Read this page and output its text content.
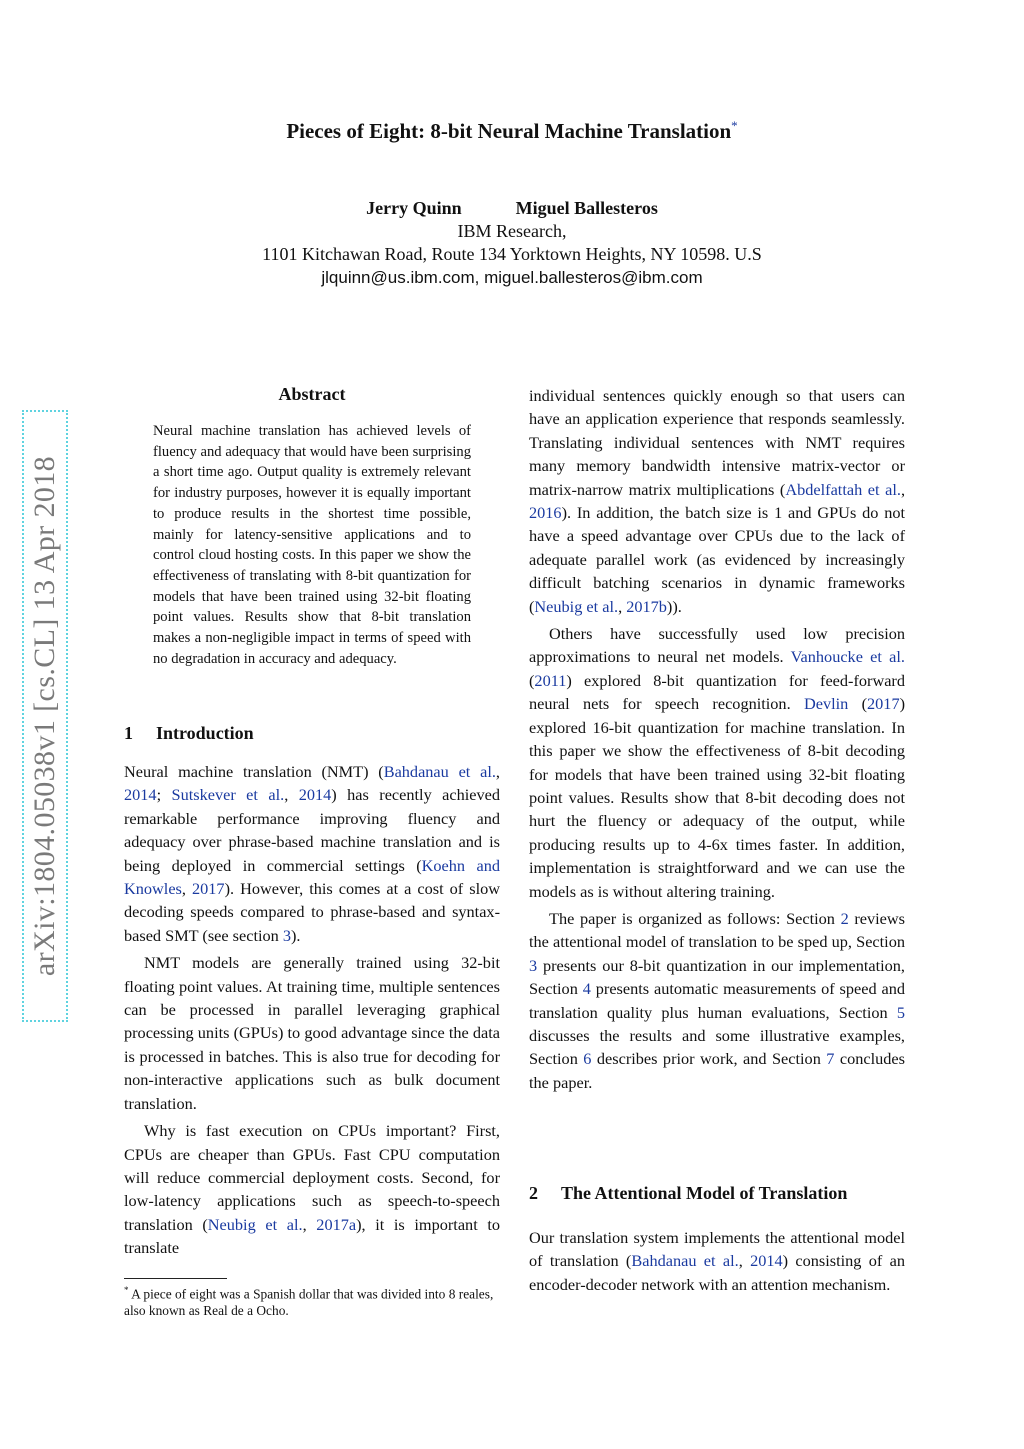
arXiv:1804.05038v1 [cs.CL] 13 Apr 2018
Pieces of Eight: 8-bit Neural Machine Translation*
Jerry Quinn	Miguel Ballesteros
IBM Research,
1101 Kitchawan Road, Route 134 Yorktown Heights, NY 10598. U.S
jlquinn@us.ibm.com, miguel.ballesteros@ibm.com
Abstract
Neural machine translation has achieved levels of fluency and adequacy that would have been surprising a short time ago. Output quality is extremely relevant for industry purposes, however it is equally important to produce results in the shortest time possible, mainly for latency-sensitive applications and to control cloud hosting costs. In this paper we show the effectiveness of translating with 8-bit quantization for models that have been trained using 32-bit floating point values. Results show that 8-bit translation makes a non-negligible impact in terms of speed with no degradation in accuracy and adequacy.
1 Introduction

Neural machine translation (NMT) (Bahdanau et al., 2014; Sutskever et al., 2014) has recently achieved remarkable performance improving fluency and adequacy over phrase-based machine translation and is being deployed in commercial settings (Koehn and Knowles, 2017). However, this comes at a cost of slow decoding speeds compared to phrase-based and syntax-based SMT (see section 3).

NMT models are generally trained using 32-bit floating point values. At training time, multiple sentences can be processed in parallel leveraging graphical processing units (GPUs) to good advantage since the data is processed in batches. This is also true for decoding for non-interactive applications such as bulk document translation.

Why is fast execution on CPUs important? First, CPUs are cheaper than GPUs. Fast CPU computation will reduce commercial deployment costs. Second, for low-latency applications such as speech-to-speech translation (Neubig et al., 2017a), it is important to translate

* A piece of eight was a Spanish dollar that was divided into 8 reales, also known as Real de a Ocho.

individual sentences quickly enough so that users can have an application experience that responds seamlessly. Translating individual sentences with NMT requires many memory bandwidth intensive matrix-vector or matrix-narrow matrix multiplications (Abdelfattah et al., 2016). In addition, the batch size is 1 and GPUs do not have a speed advantage over CPUs due to the lack of adequate parallel work (as evidenced by increasingly difficult batching scenarios in dynamic frameworks (Neubig et al., 2017b)).

Others have successfully used low precision approximations to neural net models. Vanhoucke et al. (2011) explored 8-bit quantization for feed-forward neural nets for speech recognition. Devlin (2017) explored 16-bit quantization for machine translation. In this paper we show the effectiveness of 8-bit decoding for models that have been trained using 32-bit floating point values. Results show that 8-bit decoding does not hurt the fluency or adequacy of the output, while producing results up to 4-6x times faster. In addition, implementation is straightforward and we can use the models as is without altering training.

The paper is organized as follows: Section 2 reviews the attentional model of translation to be sped up, Section 3 presents our 8-bit quantization in our implementation, Section 4 presents automatic measurements of speed and translation quality plus human evaluations, Section 5 discusses the results and some illustrative examples, Section 6 describes prior work, and Section 7 concludes the paper.

2 The Attentional Model of Translation

Our translation system implements the attentional model of translation (Bahdanau et al., 2014) consisting of an encoder-decoder network with an attention mechanism.
